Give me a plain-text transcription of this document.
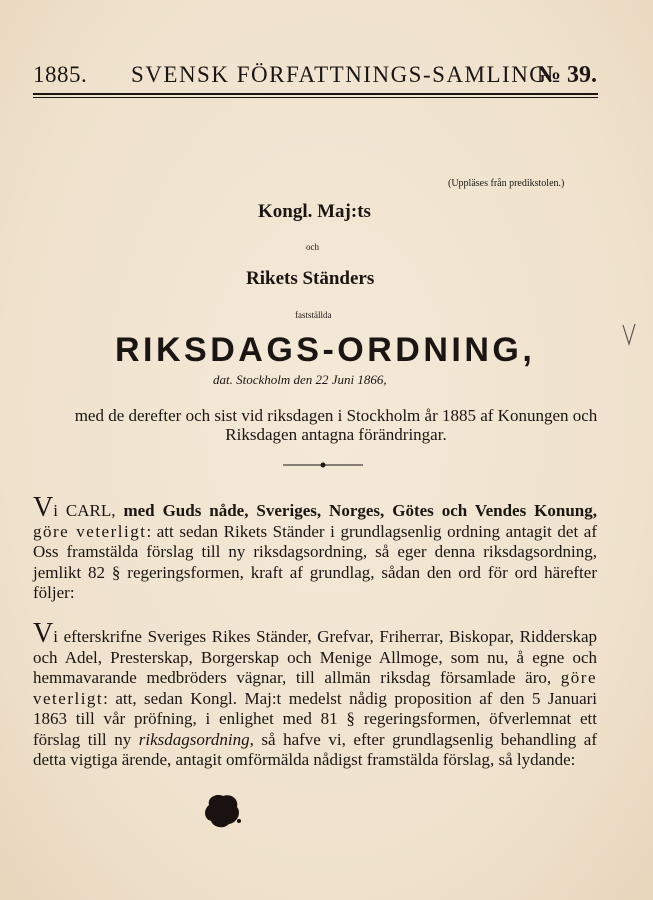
1885. SVENSK FÖRFATTNINGS-SAMLING.
№ 39.
(Uppläses från predikstolen.)
Kongl. Maj:ts
och
Rikets Ständers
fastställda
RIKSDAGS-ORDNING,
dat. Stockholm den 22 Juni 1866,
med de derefter och sist vid riksdagen i Stockholm år 1885 af Konungen och Riksdagen antagna förändringar.
Vi CARL, med Guds nåde, Sveriges, Norges, Götes och Vendes Konung, göre veterligt: att sedan Rikets Ständer i grundlagsenlig ordning antagit det af Oss framstälda förslag till ny riksdagsordning, så eger denna riksdagsordning, jemlikt 82 § regeringsformen, kraft af grundlag, sådan den ord för ord härefter följer:
Vi efterskrifne Sveriges Rikes Ständer, Grefvar, Friherrar, Biskopar, Ridderskap och Adel, Presterskap, Borgerskap och Menige Allmoge, som nu, å egne och hemmavarande medbröders vägnar, till allmän riksdag församlade äro, göre veterligt: att, sedan Kongl. Maj:t medelst nådig proposition af den 5 Januari 1863 till vår pröfning, i enlighet med 81 § regeringsformen, öfverlemnat ett förslag till ny riksdagsordning, så hafve vi, efter grundlagsenlig behandling af detta vigtiga ärende, antagit omförmälda nådigst framstälda förslag, så lydande:
